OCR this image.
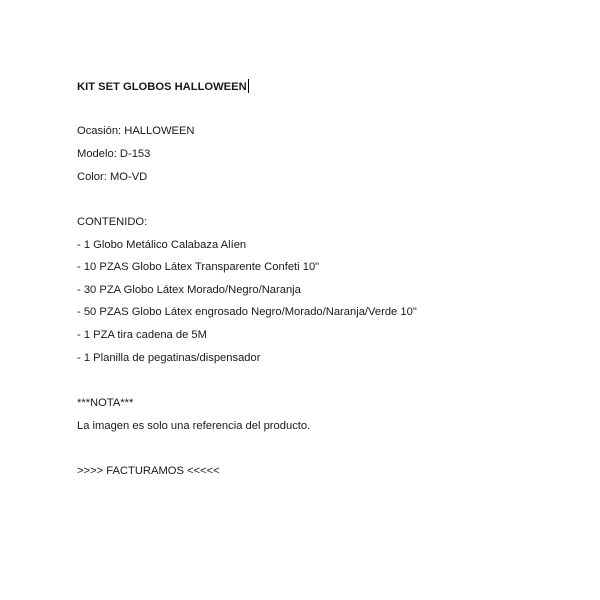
KIT SET GLOBOS HALLOWEEN

Ocasión: HALLOWEEN

Modelo: D-153

Color: MO-VD

CONTENIDO:

- 1 Globo Metálico Calabaza Alíen

- 10 PZAS Globo Látex Transparente Confeti 10"

- 30 PZA Globo Látex Morado/Negro/Naranja

- 50 PZAS Globo Látex engrosado Negro/Morado/Naranja/Verde 10"

- 1 PZA tira cadena de 5M

- 1 Planilla de pegatinas/dispensador

***NOTA***

La imagen es solo una referencia del producto.

>>>> FACTURAMOS <<<<<
